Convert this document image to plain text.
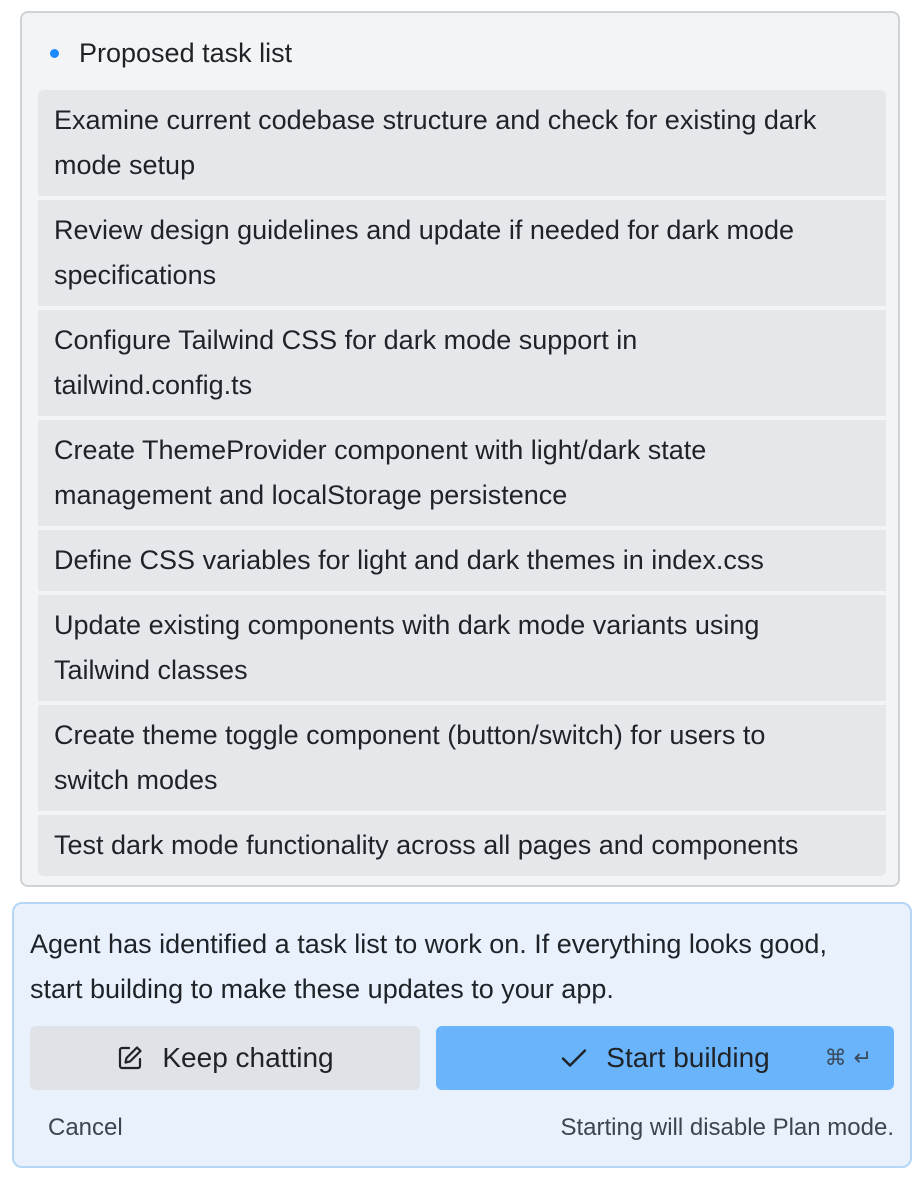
Proposed task list
Examine current codebase structure and check for existing dark
mode setup
Review design guidelines and update if needed for dark mode
specifications
Configure Tailwind CSS for dark mode support in
tailwind.config.ts
Create ThemeProvider component with light/dark state
management and localStorage persistence
Define CSS variables for light and dark themes in index.css
Update existing components with dark mode variants using
Tailwind classes
Create theme toggle component (button/switch) for users to
switch modes
Test dark mode functionality across all pages and components
Agent has identified a task list to work on. If everything looks good,
start building to make these updates to your app.
Keep chatting	Start building ⌘ ↵
Cancel	Starting will disable Plan mode.
